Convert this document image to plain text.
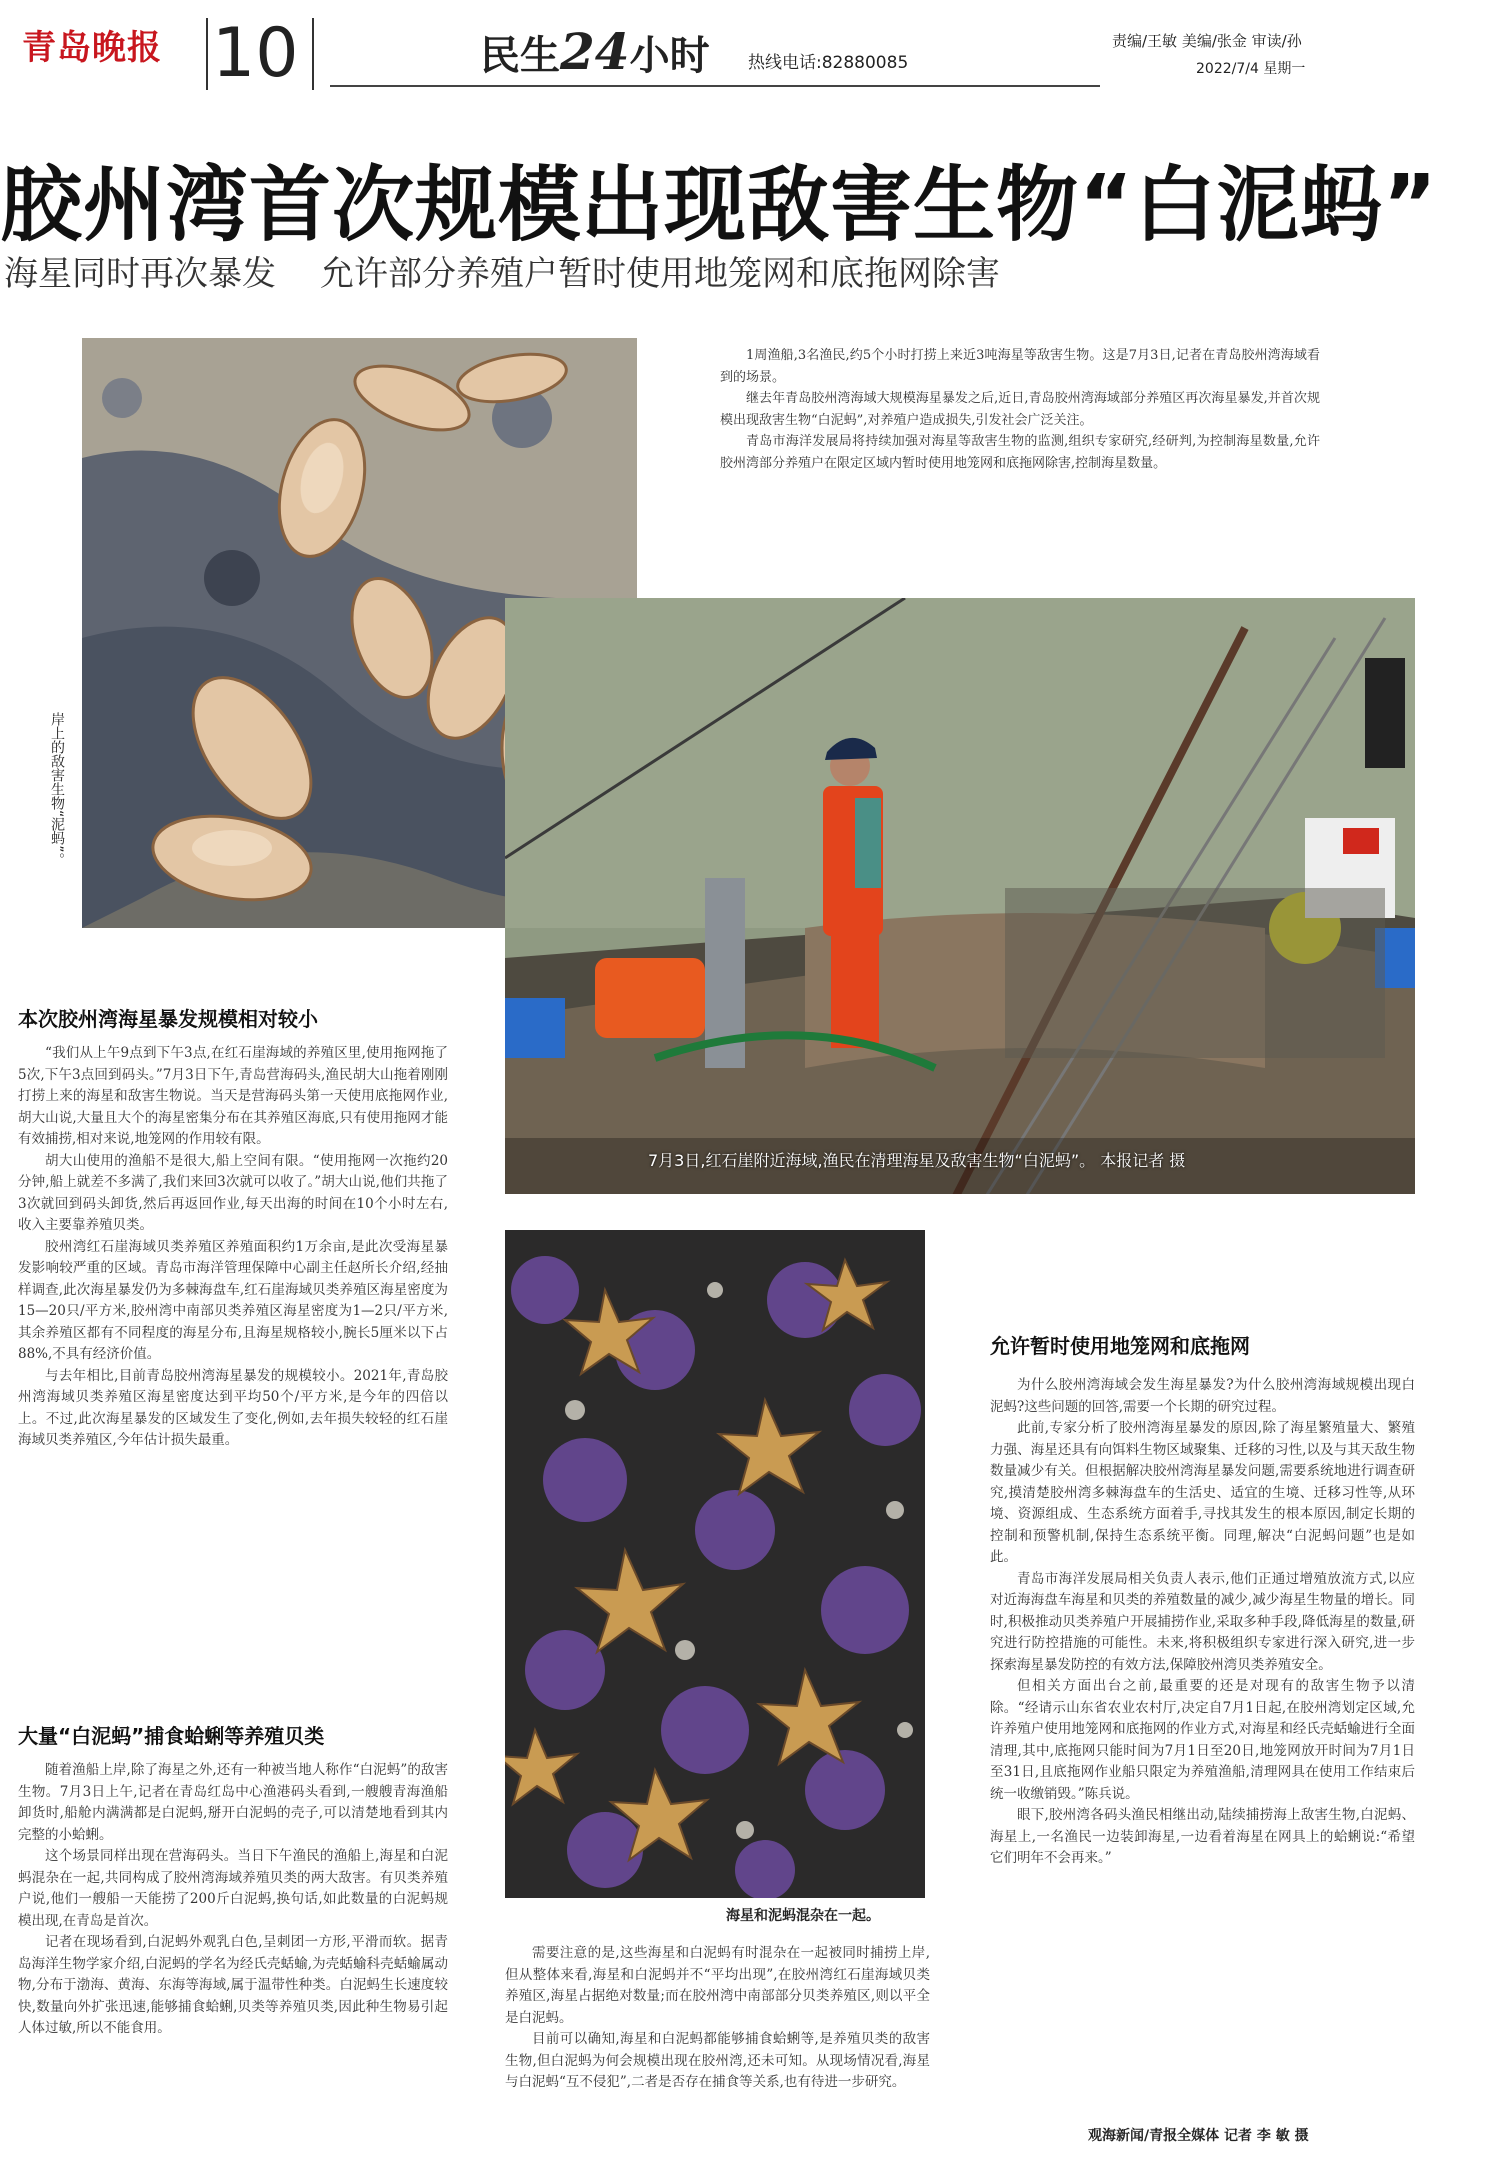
青岛晚报 10	民生24小时 热线电话:82880085
责编/王敏 美编/张金 审读/孙
2022/7/4 星期一
胶州湾首次规模出现敌害生物“白泥蚂”
海星同时再次暴发 允许部分养殖户暂时使用地笼网和底拖网除害
岸上的敌害生物“泥蚂”。

1周渔船,3名渔民,约5个小时打捞上来近3吨海星等敌害生物。这是7月3日,记者在青岛胶州湾海域看到的场景。

继去年青岛胶州湾海域大规模海星暴发之后,近日,青岛胶州湾海域部分养殖区再次海星暴发,并首次规模出现敌害生物“白泥蚂”,对养殖户造成损失,引发社会广泛关注。

青岛市海洋发展局将持续加强对海星等敌害生物的监测,组织专家研究,经研判,为控制海星数量,允许胶州湾部分养殖户在限定区域内暂时使用地笼网和底拖网除害,控制海星数量。

7月3日,红石崖附近海域,渔民在清理海星及敌害生物“白泥蚂”。 本报记者 摄
本次胶州湾海星暴发规模相对较小

“我们从上午9点到下午3点,在红石崖海域的养殖区里,使用拖网拖了5次,下午3点回到码头。”7月3日下午,青岛营海码头,渔民胡大山拖着刚刚打捞上来的海星和敌害生物说。当天是营海码头第一天使用底拖网作业,胡大山说,大量且大个的海星密集分布在其养殖区海底,只有使用拖网才能有效捕捞,相对来说,地笼网的作用较有限。

胡大山使用的渔船不是很大,船上空间有限。“使用拖网一次拖约20分钟,船上就差不多满了,我们来回3次就可以收了。”胡大山说,他们共拖了3次就回到码头卸货,然后再返回作业,每天出海的时间在10个小时左右,收入主要靠养殖贝类。

胶州湾红石崖海域贝类养殖区养殖面积约1万余亩,是此次受海星暴发影响较严重的区域。青岛市海洋管理保障中心副主任赵所长介绍,经抽样调查,此次海星暴发仍为多棘海盘车,红石崖海域贝类养殖区海星密度为15—20只/平方米,胶州湾中南部贝类养殖区海星密度为1—2只/平方米,其余养殖区都有不同程度的海星分布,且海星规格较小,腕长5厘米以下占88%,不具有经济价值。

与去年相比,目前青岛胶州湾海星暴发的规模较小。2021年,青岛胶州湾海域贝类养殖区海星密度达到平均50个/平方米,是今年的四倍以上。不过,此次海星暴发的区域发生了变化,例如,去年损失较轻的红石崖海域贝类养殖区,今年估计损失最重。

大量“白泥蚂”捕食蛤蜊等养殖贝类

随着渔船上岸,除了海星之外,还有一种被当地人称作“白泥蚂”的敌害生物。7月3日上午,记者在青岛红岛中心渔港码头看到,一艘艘青海渔船卸货时,船舱内满满都是白泥蚂,掰开白泥蚂的壳子,可以清楚地看到其内完整的小蛤蜊。

这个场景同样出现在营海码头。当日下午渔民的渔船上,海星和白泥蚂混杂在一起,共同构成了胶州湾海域养殖贝类的两大敌害。有贝类养殖户说,他们一艘船一天能捞了200斤白泥蚂,换句话,如此数量的白泥蚂规模出现,在青岛是首次。

记者在现场看到,白泥蚂外观乳白色,呈刺团一方形,平滑而软。据青岛海洋生物学家介绍,白泥蚂的学名为经氏壳蛞蝓,为壳蛞蝓科壳蛞蝓属动物,分布于渤海、黄海、东海等海域,属于温带性种类。白泥蚂生长速度较快,数量向外扩张迅速,能够捕食蛤蜊,贝类等养殖贝类,因此种生物易引起人体过敏,所以不能食用。

海星和泥蚂混杂在一起。

需要注意的是,这些海星和白泥蚂有时混杂在一起被同时捕捞上岸,但从整体来看,海星和白泥蚂并不“平均出现”,在胶州湾红石崖海域贝类养殖区,海星占据绝对数量;而在胶州湾中南部部分贝类养殖区,则以平全是白泥蚂。

目前可以确知,海星和白泥蚂都能够捕食蛤蜊等,是养殖贝类的敌害生物,但白泥蚂为何会规模出现在胶州湾,还未可知。从现场情况看,海星与白泥蚂“互不侵犯”,二者是否存在捕食等关系,也有待进一步研究。

允许暂时使用地笼网和底拖网

为什么胶州湾海域会发生海星暴发?为什么胶州湾海域规模出现白泥蚂?这些问题的回答,需要一个长期的研究过程。

此前,专家分析了胶州湾海星暴发的原因,除了海星繁殖量大、繁殖力强、海星还具有向饵料生物区域聚集、迁移的习性,以及与其天敌生物数量减少有关。但根据解决胶州湾海星暴发问题,需要系统地进行调查研究,摸清楚胶州湾多棘海盘车的生活史、适宜的生境、迁移习性等,从环境、资源组成、生态系统方面着手,寻找其发生的根本原因,制定长期的控制和预警机制,保持生态系统平衡。同理,解决“白泥蚂问题”也是如此。

青岛市海洋发展局相关负责人表示,他们正通过增殖放流方式,以应对近海海盘车海星和贝类的养殖数量的减少,减少海星生物量的增长。同时,积极推动贝类养殖户开展捕捞作业,采取多种手段,降低海星的数量,研究进行防控措施的可能性。未来,将积极组织专家进行深入研究,进一步探索海星暴发防控的有效方法,保障胶州湾贝类养殖安全。

但相关方面出台之前,最重要的还是对现有的敌害生物予以清除。“经请示山东省农业农村厅,决定自7月1日起,在胶州湾划定区域,允许养殖户使用地笼网和底拖网的作业方式,对海星和经氏壳蛞蝓进行全面清理,其中,底拖网只能时间为7月1日至20日,地笼网放开时间为7月1日至31日,且底拖网作业船只限定为养殖渔船,清理网具在使用工作结束后统一收缴销毁。”陈兵说。

眼下,胶州湾各码头渔民相继出动,陆续捕捞海上敌害生物,白泥蚂、海星上,一名渔民一边装卸海星,一边看着海星在网具上的蛤蜊说:“希望它们明年不会再来。”

观海新闻/青报全媒体 记者 李 敏 摄
